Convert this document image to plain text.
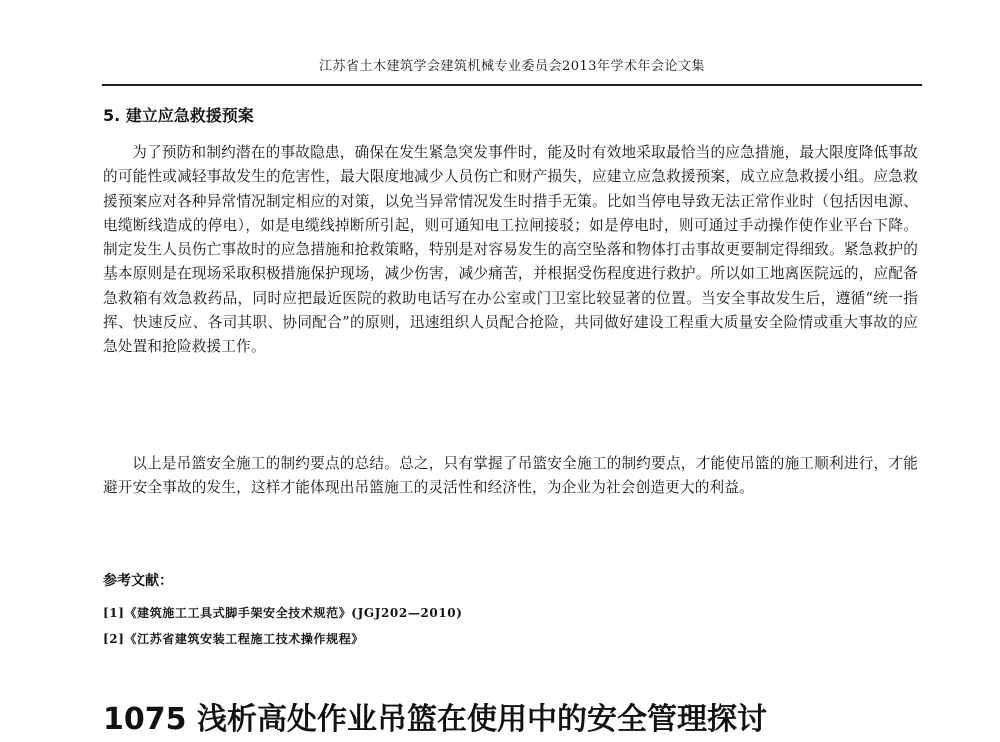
江苏省土木建筑学会建筑机械专业委员会2013年学术年会论文集
5. 建立应急救援预案

为了预防和制约潜在的事故隐患，确保在发生紧急突发事件时，能及时有效地采取最恰当的应急措施，最大限度降低事故的可能性或减轻事故发生的危害性，最大限度地减少人员伤亡和财产损失，应建立应急救援预案，成立应急救援小组。应急救援预案应对各种异常情况制定相应的对策，以免当异常情况发生时措手无策。比如当停电导致无法正常作业时（包括因电源、电缆断线造成的停电），如是电缆线掉断所引起，则可通知电工拉闸接驳；如是停电时，则可通过手动操作使作业平台下降。制定发生人员伤亡事故时的应急措施和抢救策略，特别是对容易发生的高空坠落和物体打击事故更要制定得细致。紧急救护的基本原则是在现场采取积极措施保护现场，减少伤害，减少痛苦，并根据受伤程度进行救护。所以如工地离医院远的，应配备急救箱有效急救药品，同时应把最近医院的救助电话写在办公室或门卫室比较显著的位置。当安全事故发生后，遵循“统一指挥、快速反应、各司其职、协同配合”的原则，迅速组织人员配合抢险，共同做好建设工程重大质量安全险情或重大事故的应急处置和抢险救援工作。

以上是吊篮安全施工的制约要点的总结。总之，只有掌握了吊篮安全施工的制约要点，才能使吊篮的施工顺利进行，才能避开安全事故的发生，这样才能体现出吊篮施工的灵活性和经济性，为企业为社会创造更大的利益。

参考文献：
[1]《建筑施工工具式脚手架安全技术规范》(JGJ202—2010)
[2]《江苏省建筑安装工程施工技术操作规程》
1075 浅析高处作业吊篮在使用中的安全管理探讨
